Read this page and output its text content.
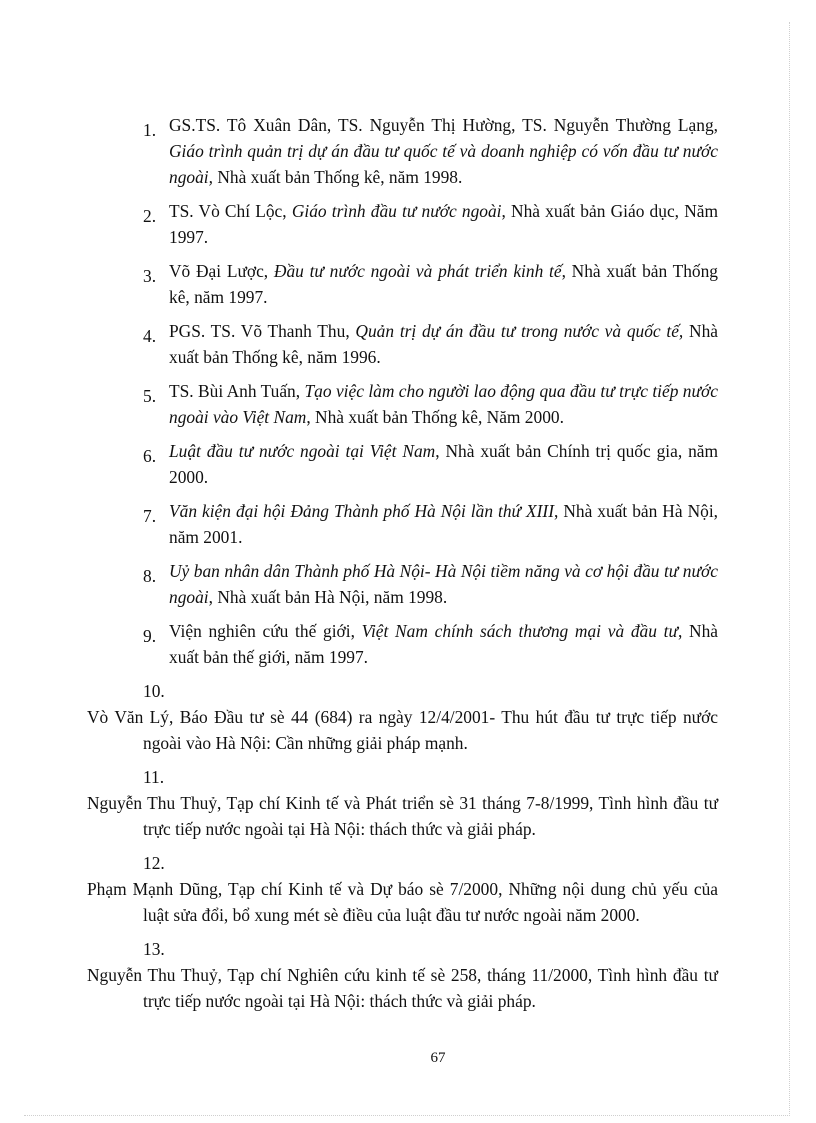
1. GS.TS. Tô Xuân Dân, TS. Nguyễn Thị Hường, TS. Nguyễn Thường Lạng, Giáo trình quản trị dự án đầu tư quốc tế và doanh nghiệp có vốn đầu tư nước ngoài, Nhà xuất bản Thống kê, năm 1998.
2. TS. Vò Chí Lộc, Giáo trình đầu tư nước ngoài, Nhà xuất bản Giáo dục, Năm 1997.
3. Võ Đại Lược, Đầu tư nước ngoài và phát triển kinh tế, Nhà xuất bản Thống kê, năm 1997.
4. PGS. TS. Võ Thanh Thu, Quản trị dự án đầu tư trong nước và quốc tế, Nhà xuất bản Thống kê, năm 1996.
5. TS. Bùi Anh Tuấn, Tạo việc làm cho người lao động qua đầu tư trực tiếp nước ngoài vào Việt Nam, Nhà xuất bản Thống kê, Năm 2000.
6. Luật đầu tư nước ngoài tại Việt Nam, Nhà xuất bản Chính trị quốc gia, năm 2000.
7. Văn kiện đại hội Đảng Thành phố Hà Nội lần thứ XIII, Nhà xuất bản Hà Nội, năm 2001.
8. Uỷ ban nhân dân Thành phố Hà Nội- Hà Nội tiềm năng và cơ hội đầu tư nước ngoài, Nhà xuất bản Hà Nội, năm 1998.
9. Viện nghiên cứu thế giới, Việt Nam chính sách thương mại và đầu tư, Nhà xuất bản thế giới, năm 1997.
10.
Vò Văn Lý, Báo Đầu tư sè 44 (684) ra ngày 12/4/2001- Thu hút đầu tư trực tiếp nước ngoài vào Hà Nội: Cần những giải pháp mạnh.
11.
Nguyễn Thu Thuỷ, Tạp chí Kinh tế và Phát triển sè 31 tháng 7-8/1999, Tình hình đầu tư trực tiếp nước ngoài tại Hà Nội: thách thức và giải pháp.
12.
Phạm Mạnh Dũng, Tạp chí Kinh tế và Dự báo sè 7/2000, Những nội dung chủ yếu của luật sửa đổi, bổ xung mét sè điều của luật đầu tư nước ngoài năm 2000.
13.
Nguyễn Thu Thuỷ, Tạp chí Nghiên cứu kinh tế sè 258, tháng 11/2000, Tình hình đầu tư trực tiếp nước ngoài tại Hà Nội: thách thức và giải pháp.
67
